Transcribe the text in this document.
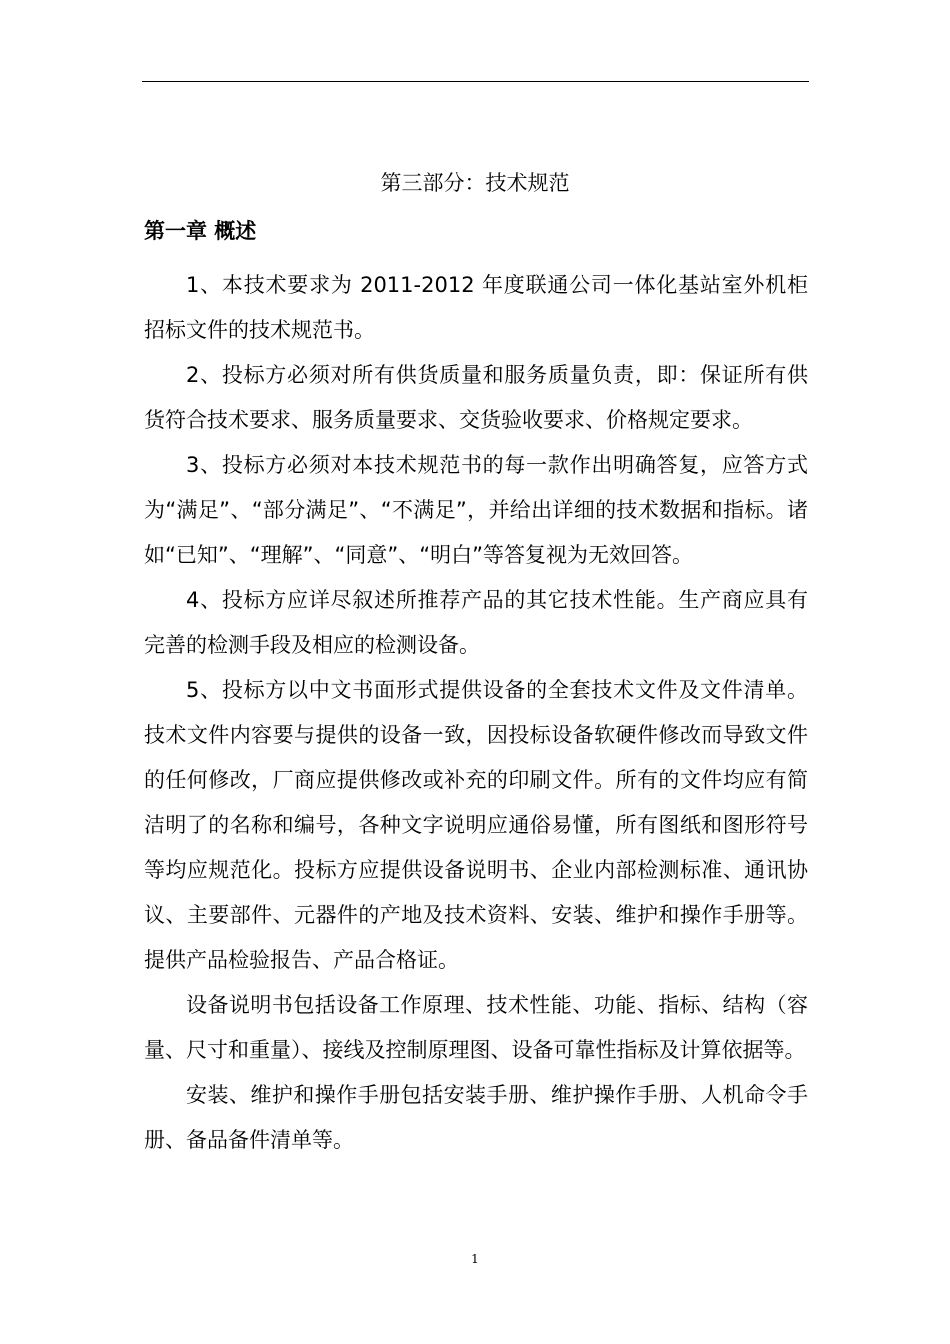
第三部分：技术规范
第一章 概述

1、本技术要求为 2011-2012 年度联通公司一体化基站室外机柜招标文件的技术规范书。

2、投标方必须对所有供货质量和服务质量负责，即：保证所有供货符合技术要求、服务质量要求、交货验收要求、价格规定要求。

3、投标方必须对本技术规范书的每一款作出明确答复，应答方式为“满足”、“部分满足”、“不满足”，并给出详细的技术数据和指标。诸如“已知”、“理解”、“同意”、“明白”等答复视为无效回答。

4、投标方应详尽叙述所推荐产品的其它技术性能。生产商应具有完善的检测手段及相应的检测设备。

5、投标方以中文书面形式提供设备的全套技术文件及文件清单。技术文件内容要与提供的设备一致，因投标设备软硬件修改而导致文件的任何修改，厂商应提供修改或补充的印刷文件。所有的文件均应有简洁明了的名称和编号，各种文字说明应通俗易懂，所有图纸和图形符号等均应规范化。投标方应提供设备说明书、企业内部检测标准、通讯协议、主要部件、元器件的产地及技术资料、安装、维护和操作手册等。提供产品检验报告、产品合格证。

设备说明书包括设备工作原理、技术性能、功能、指标、结构（容量、尺寸和重量）、接线及控制原理图、设备可靠性指标及计算依据等。

安装、维护和操作手册包括安装手册、维护操作手册、人机命令手册、备品备件清单等。

1
